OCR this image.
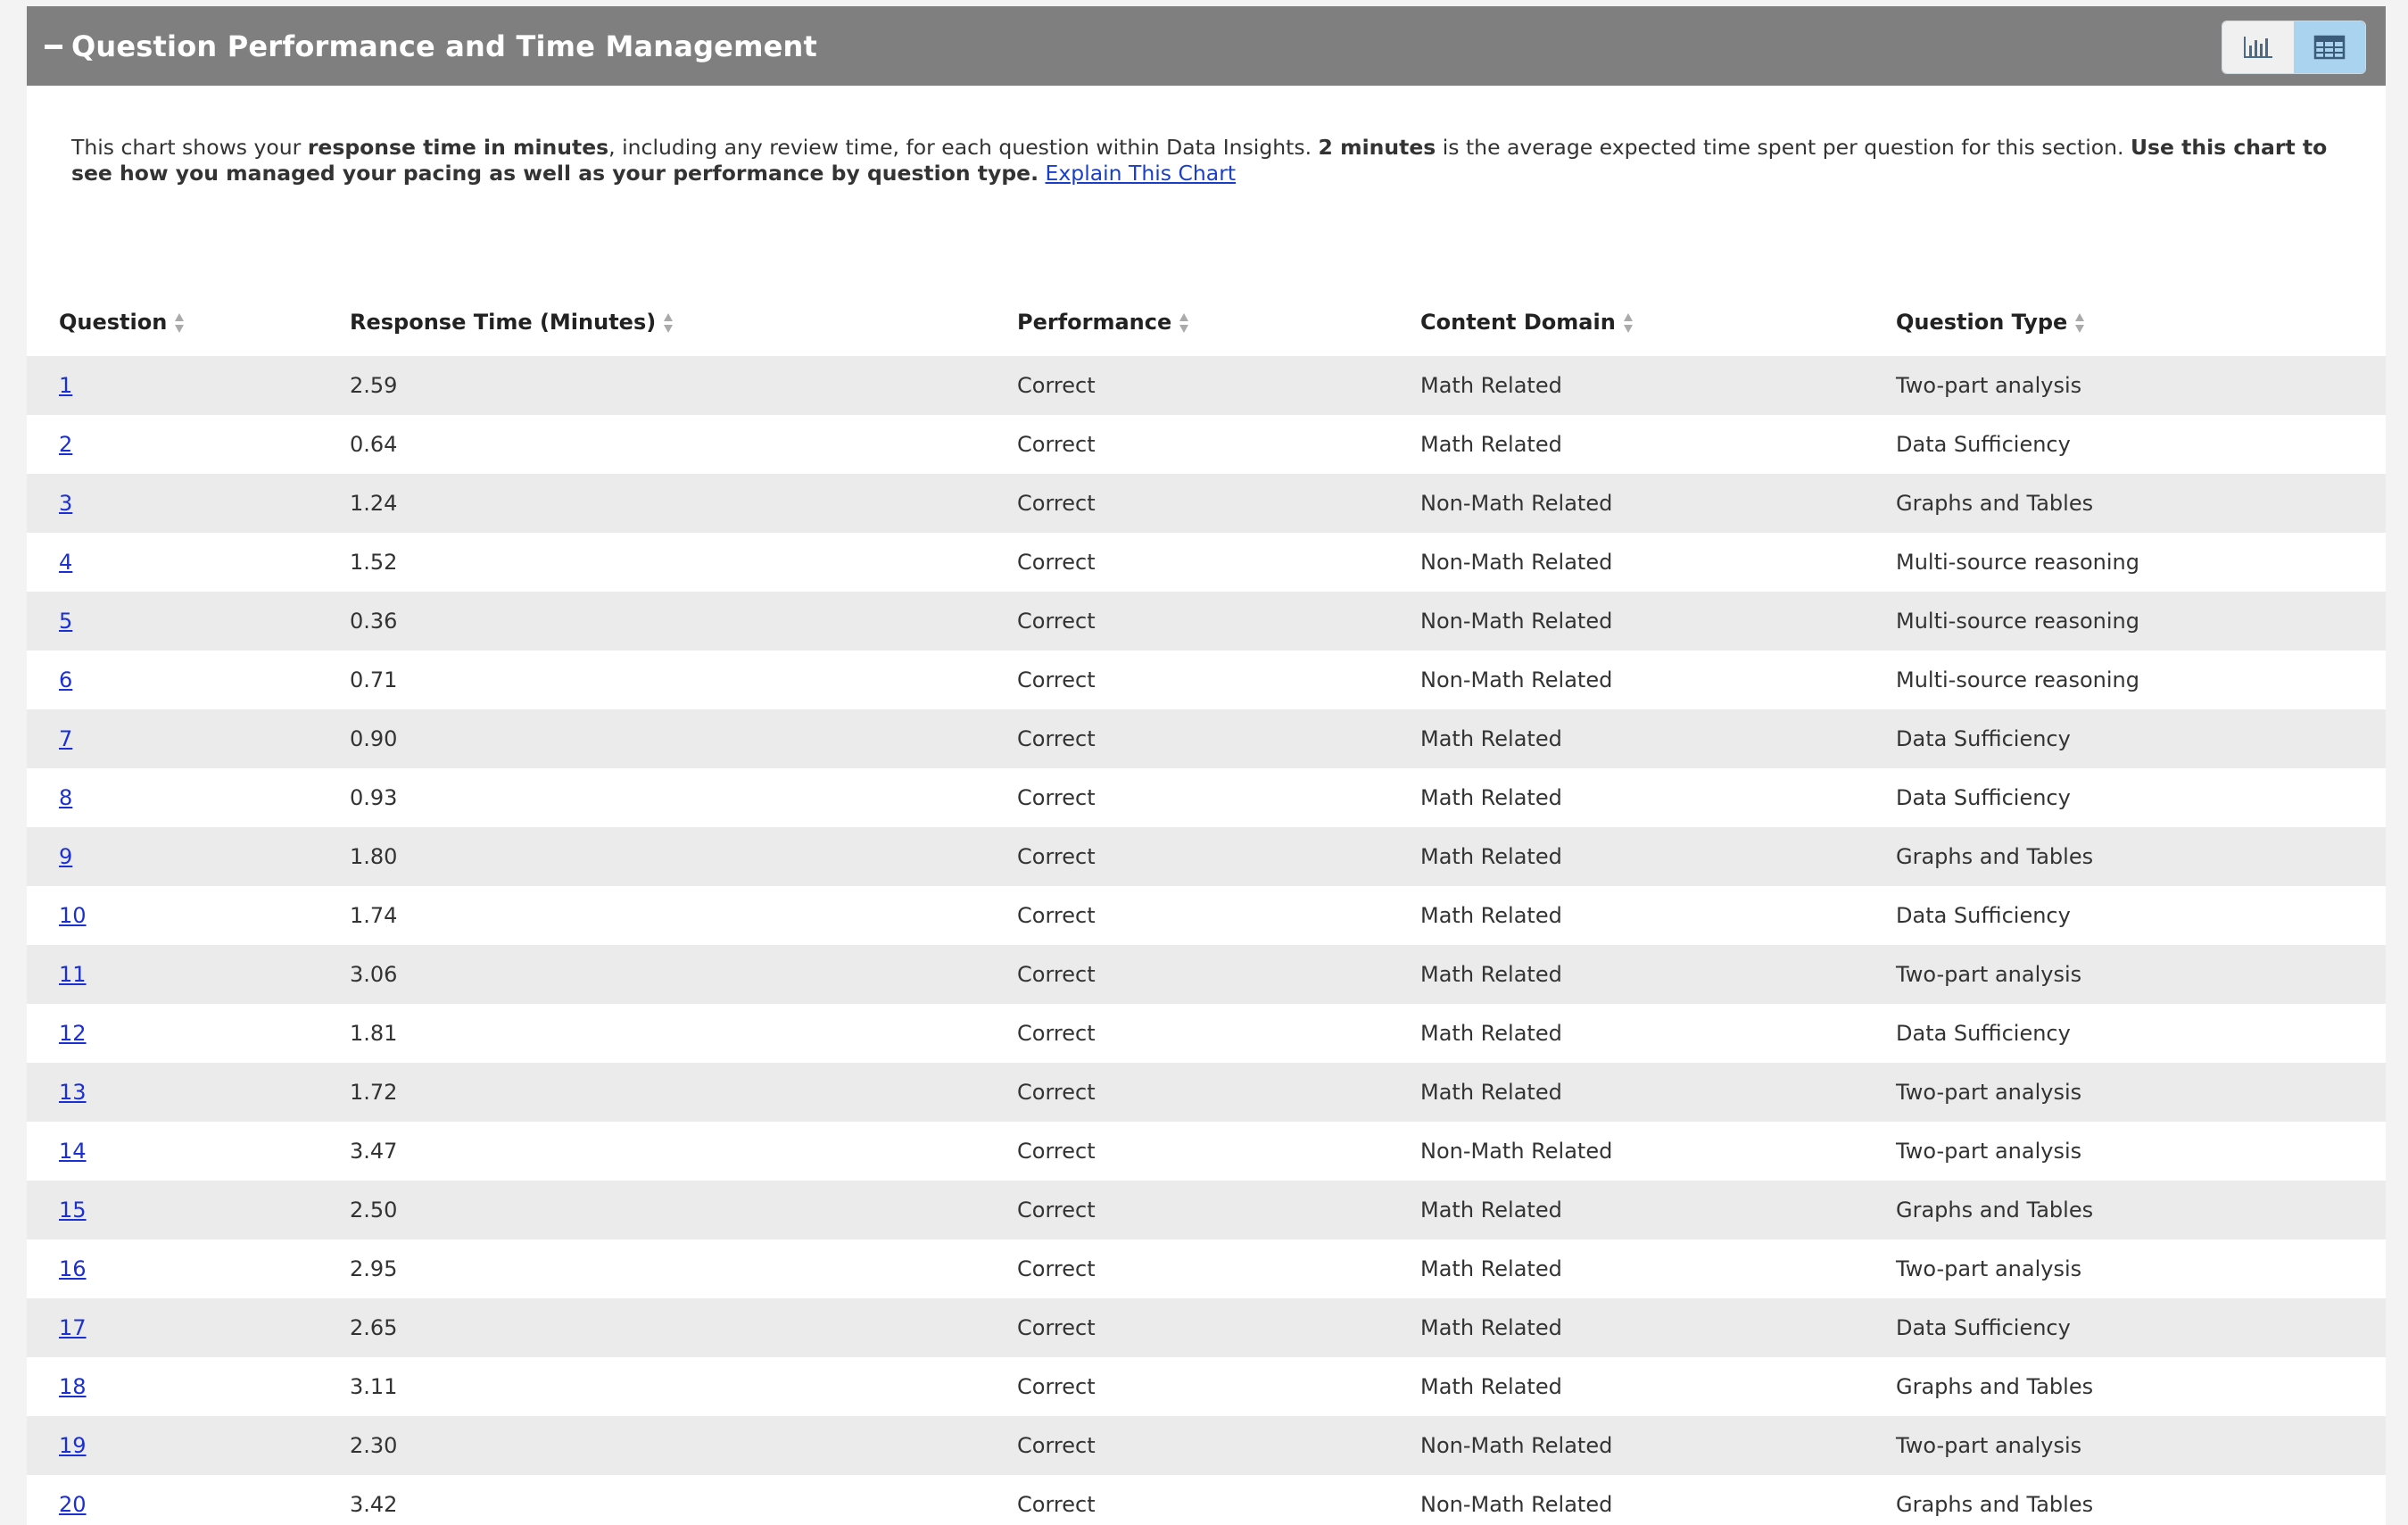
Question Performance and Time Management
This chart shows your response time in minutes, including any review time, for each question within Data Insights. 2 minutes is the average expected time spent per question for this section. Use this chart to see how you managed your pacing as well as your performance by question type. Explain This Chart
Question	Response Time (Minutes)	Performance	Content Domain	Question Type
1	2.59	Correct	Math Related	Two-part analysis
2	0.64	Correct	Math Related	Data Sufficiency
3	1.24	Correct	Non-Math Related	Graphs and Tables
4	1.52	Correct	Non-Math Related	Multi-source reasoning
5	0.36	Correct	Non-Math Related	Multi-source reasoning
6	0.71	Correct	Non-Math Related	Multi-source reasoning
7	0.90	Correct	Math Related	Data Sufficiency
8	0.93	Correct	Math Related	Data Sufficiency
9	1.80	Correct	Math Related	Graphs and Tables
10	1.74	Correct	Math Related	Data Sufficiency
11	3.06	Correct	Math Related	Two-part analysis
12	1.81	Correct	Math Related	Data Sufficiency
13	1.72	Correct	Math Related	Two-part analysis
14	3.47	Correct	Non-Math Related	Two-part analysis
15	2.50	Correct	Math Related	Graphs and Tables
16	2.95	Correct	Math Related	Two-part analysis
17	2.65	Correct	Math Related	Data Sufficiency
18	3.11	Correct	Math Related	Graphs and Tables
19	2.30	Correct	Non-Math Related	Two-part analysis
20	3.42	Correct	Non-Math Related	Graphs and Tables
